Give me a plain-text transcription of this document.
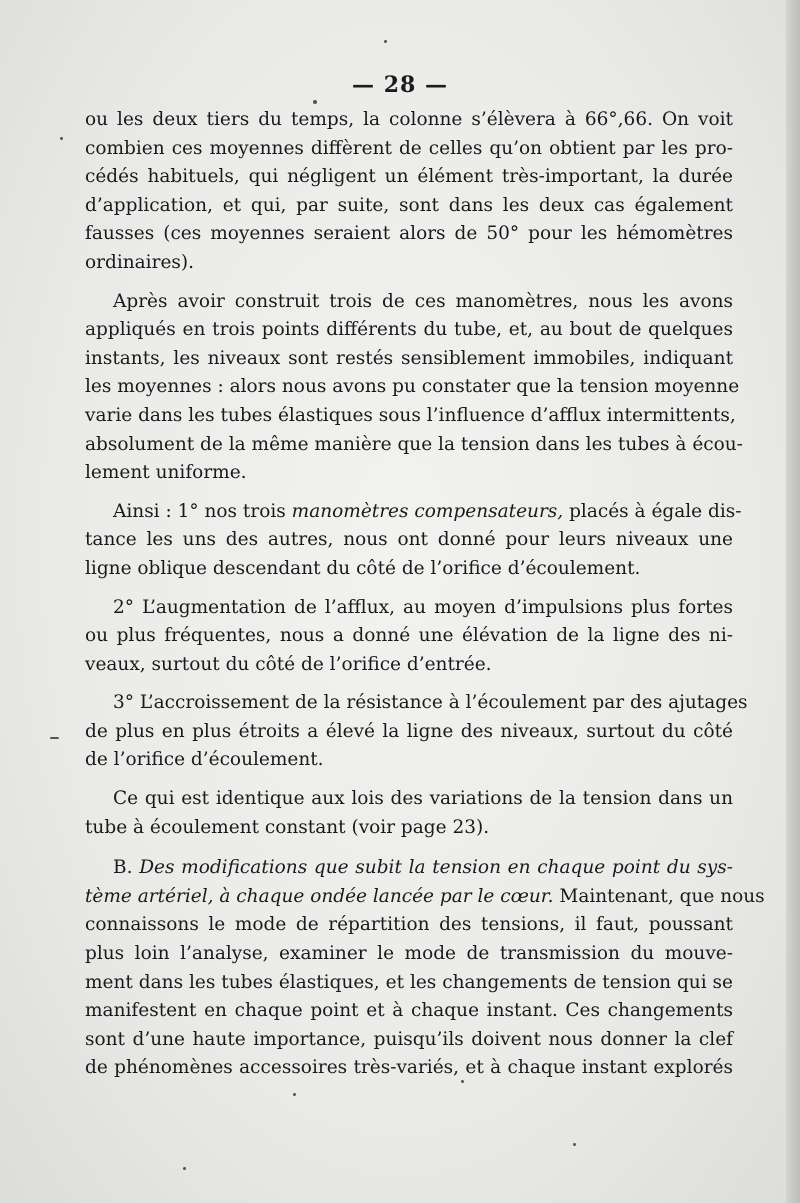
— 28 —

ou les deux tiers du temps, la colonne s’élèvera à 66°,66. On voit

combien ces moyennes diffèrent de celles qu’on obtient par les pro-

cédés habituels, qui négligent un élément très-important, la durée

d’application, et qui, par suite, sont dans les deux cas également

fausses (ces moyennes seraient alors de 50° pour les hémomètres

ordinaires).

Après avoir construit trois de ces manomètres, nous les avons

appliqués en trois points différents du tube, et, au bout de quelques

instants, les niveaux sont restés sensiblement immobiles, indiquant

les moyennes : alors nous avons pu constater que la tension moyenne

varie dans les tubes élastiques sous l’influence d’afflux intermittents,

absolument de la même manière que la tension dans les tubes à écou-

lement uniforme.

Ainsi : 1° nos trois manomètres compensateurs, placés à égale dis-

tance les uns des autres, nous ont donné pour leurs niveaux une

ligne oblique descendant du côté de l’orifice d’écoulement.

2° L’augmentation de l’afflux, au moyen d’impulsions plus fortes

ou plus fréquentes, nous a donné une élévation de la ligne des ni-

veaux, surtout du côté de l’orifice d’entrée.

3° L’accroissement de la résistance à l’écoulement par des ajutages

de plus en plus étroits a élevé la ligne des niveaux, surtout du côté

de l’orifice d’écoulement.

Ce qui est identique aux lois des variations de la tension dans un

tube à écoulement constant (voir page 23).

B. Des modifications que subit la tension en chaque point du sys-

tème artériel, à chaque ondée lancée par le cœur. Maintenant, que nous

connaissons le mode de répartition des tensions, il faut, poussant

plus loin l’analyse, examiner le mode de transmission du mouve-

ment dans les tubes élastiques, et les changements de tension qui se

manifestent en chaque point et à chaque instant. Ces changements

sont d’une haute importance, puisqu’ils doivent nous donner la clef

de phénomènes accessoires très-variés, et à chaque instant explorés
